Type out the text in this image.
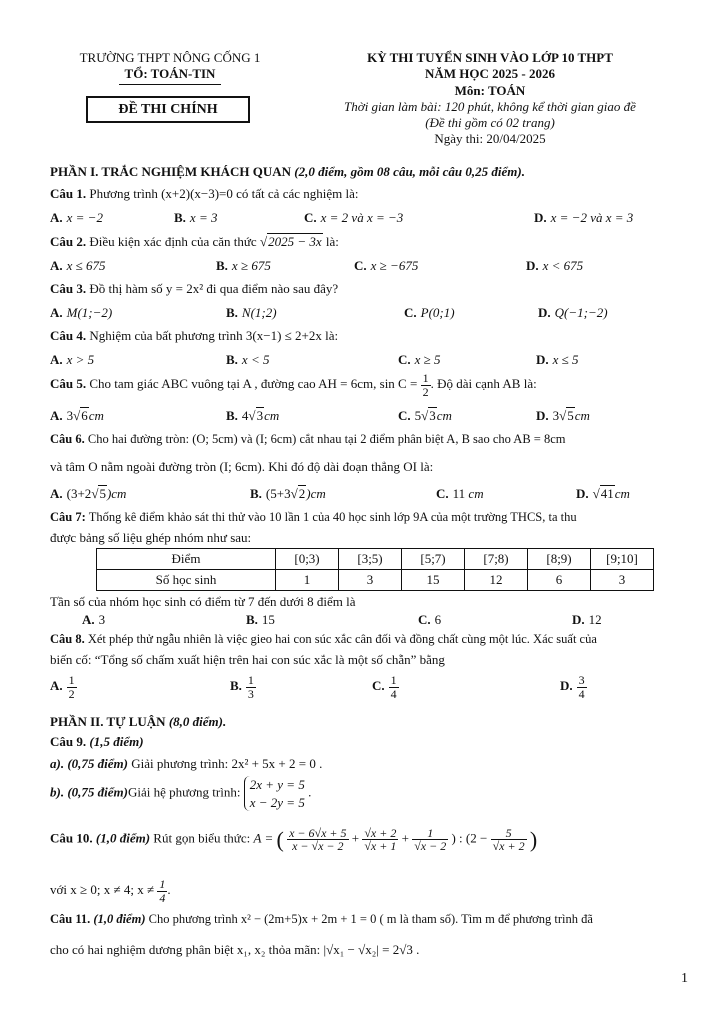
TRƯỜNG THPT NÔNG CỐNG 1
TỔ: TOÁN-TIN
ĐỀ THI CHÍNH
KỲ THI TUYỂN SINH VÀO LỚP 10 THPT
NĂM HỌC 2025 - 2026
Môn: TOÁN
Thời gian làm bài: 120 phút, không kể thời gian giao đề
(Đề thi gồm có 02 trang)
Ngày thi: 20/04/2025
PHẦN I. TRẮC NGHIỆM KHÁCH QUAN (2,0 điểm, gồm 08 câu, mỗi câu 0,25 điểm).
Câu 1. Phương trình (x+2)(x−3)=0 có tất cả các nghiệm là:
A. x = −2	B. x = 3	C. x = 2 và x = −3	D. x = −2 và x = 3
Câu 2. Điều kiện xác định của căn thức √2025 − 3x là:
A. x ≤ 675	B. x ≥ 675	C. x ≥ −675	D. x < 675
Câu 3. Đồ thị hàm số y = 2x² đi qua điểm nào sau đây?
A. M(1;−2)	B. N(1;2)	C. P(0;1)	D. Q(−1;−2)
Câu 4. Nghiệm của bất phương trình 3(x−1) ≤ 2+2x là:
A. x > 5	B. x < 5	C. x ≥ 5	D. x ≤ 5
Câu 5. Cho tam giác ABC vuông tại A , đường cao AH = 6cm, $\sin C = \frac{1}{2}$ . Độ dài cạnh AB là:
A. 3√6cm	B. 4√3cm	C. 5√3cm	D. 3√5cm
Câu 6. Cho hai đường tròn: (O; 5cm) và (I; 6cm) cắt nhau tại 2 điểm phân biệt A, B sao cho AB = 8cm
và tâm O nằm ngoài đường tròn (I; 6cm). Khi đó độ dài đoạn thẳng OI là:
A. (3+2√5)cm	B. (5+3√2)cm	C. 11 cm	D. √41cm
Câu 7: Thống kê điểm khảo sát thi thử vào 10 lần 1 của 40 học sinh lớp 9A của một trường THCS, ta thu
được bảng số liệu ghép nhóm như sau:
Điểm	[0;3)	[3;5)	[5;7)	[7;8)	[8;9)	[9;10]
Số học sinh	1	3	15	12	6	3
Tần số của nhóm học sinh có điểm từ 7 đến dưới 8 điểm là
A. 3	B. 15	C. 6	D. 12
Câu 8. Xét phép thử ngẫu nhiên là việc gieo hai con súc xắc cân đối và đồng chất cùng một lúc. Xác suất của
biến cố: “Tổng số chấm xuất hiện trên hai con súc xắc là một số chẵn” bằng
A. $\frac{1}{2}$	B. $\frac{1}{3}$	C. $\frac{1}{4}$	D. $\frac{3}{4}$
PHẦN II. TỰ LUẬN (8,0 điểm).
Câu 9. (1,5 điểm)
a). (0,75 điểm) Giải phương trình: 2x² + 5x + 2 = 0 .
b). (0,75 điểm)Giải hệ phương trình:
2x + y = 5
x − 2y = 5
.
Câu 10. (1,0 điểm) Rút gọn biểu thức: A = ( $\frac{x - 6√x + 5}{x - √x - 2} + \frac{√x + 2}{√x + 1} + \frac{1}{√x - 2}$ ) : ($2 - \frac{5}{√x + 2}$ )
với x ≥ 0; x ≠ 4; $x \ne \frac{1}{4}$ .
Câu 11. (1,0 điểm) Cho phương trình x² − (2m+5)x + 2m + 1 = 0 ( m là tham số). Tìm m để phương trình đã
cho có hai nghiệm dương phân biệt x₁, x₂ thỏa mãn: |√x₁ − √x₂| = 2√3 .
1
